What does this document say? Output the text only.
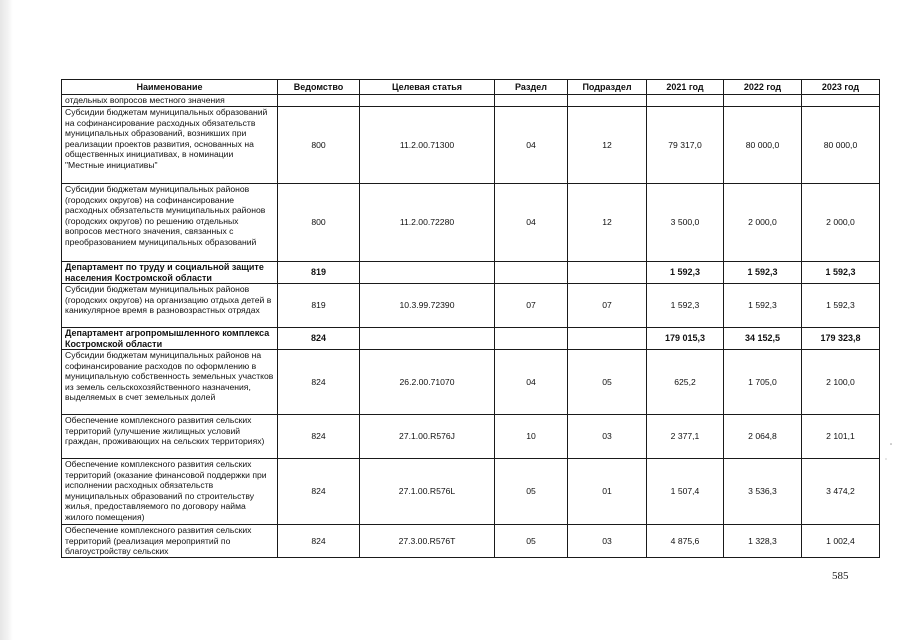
Наименование	Ведомство	Целевая статья	Раздел	Подраздел	2021 год	2022 год	2023 год
отдельных вопросов местного значения							
Субсидии бюджетам муниципальных образований на софинансирование расходных обязательств муниципальных образований, возникших при реализации проектов развития, основанных на общественных инициативах, в номинации "Местные инициативы"	800	11.2.00.71300	04	12	79 317,0	80 000,0	80 000,0
Субсидии бюджетам муниципальных районов (городских округов) на софинансирование расходных обязательств муниципальных районов (городских округов) по решению отдельных вопросов местного значения, связанных с преобразованием муниципальных образований	800	11.2.00.72280	04	12	3 500,0	2 000,0	2 000,0
Департамент по труду и социальной защите населения Костромской области	819				1 592,3	1 592,3	1 592,3
Субсидии бюджетам муниципальных районов (городских округов) на организацию отдыха детей в каникулярное время в разновозрастных отрядах	819	10.3.99.72390	07	07	1 592,3	1 592,3	1 592,3
Департамент агропромышленного комплекса Костромской области	824				179 015,3	34 152,5	179 323,8
Субсидии бюджетам муниципальных районов на софинансирование расходов по оформлению в муниципальную собственность земельных участков из земель сельскохозяйственного назначения, выделяемых в счет земельных долей	824	26.2.00.71070	04	05	625,2	1 705,0	2 100,0
Обеспечение комплексного развития сельских территорий (улучшение жилищных условий граждан, проживающих на сельских территориях)	824	27.1.00.R576J	10	03	2 377,1	2 064,8	2 101,1
Обеспечение комплексного развития сельских территорий (оказание финансовой поддержки при исполнении расходных обязательств муниципальных образований по строительству жилья, предоставляемого по договору найма жилого помещения)	824	27.1.00.R576L	05	01	1 507,4	3 536,3	3 474,2
Обеспечение комплексного развития сельских территорий (реализация мероприятий по благоустройству сельских	824	27.3.00.R576T	05	03	4 875,6	1 328,3	1 002,4
585
